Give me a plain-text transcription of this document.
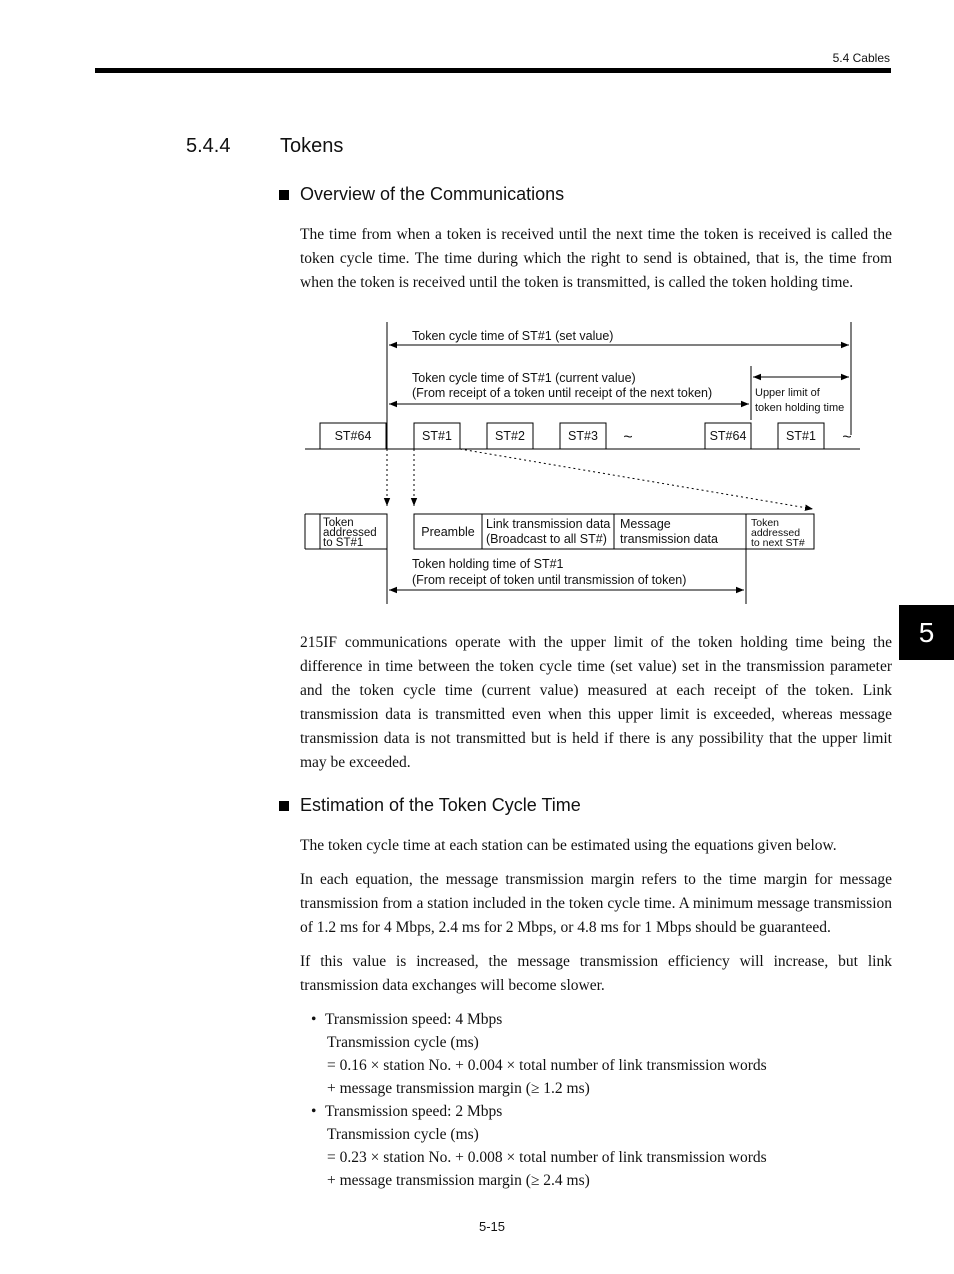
5.4 Cables
5.4.4 Tokens
Overview of the Communications
The time from when a token is received until the next time the token is received is called the token cycle time. The time during which the right to send is obtained, that is, the time from when the token is received until the token is transmitted, is called the token holding time.
Token cycle time of ST#1 (set value)
Token cycle time of ST#1 (current value)
(From receipt of a token until receipt of the next token)	Upper limit of
token holding time
ST#64	ST#1	ST#2	ST#3	ST#64	ST#1
~	~
Token
addressed
to ST#1
Preamble
Link transmission data
(Broadcast to all ST#)
Message
transmission data
Token
addressed
to next ST#
Token holding time of ST#1
(From receipt of token until transmission of token)
215IF communications operate with the upper limit of the token holding time being the difference in time between the token cycle time (set value) set in the transmission parameter and the token cycle time (current value) measured at each receipt of the token. Link transmission data is transmitted even when this upper limit is exceeded, whereas message transmission data is not transmitted but is held if there is any possibility that the upper limit may be exceeded.
Estimation of the Token Cycle Time
The token cycle time at each station can be estimated using the equations given below.
In each equation, the message transmission margin refers to the time margin for message transmission from a station included in the token cycle time. A minimum message transmission of 1.2 ms for 4 Mbps, 2.4 ms for 2 Mbps, or 4.8 ms for 1 Mbps should be guaranteed.
If this value is increased, the message transmission efficiency will increase, but link transmission data exchanges will become slower.
• Transmission speed: 4 Mbps
Transmission cycle (ms)
= 0.16 × station No. + 0.004 × total number of link transmission words
+ message transmission margin (≥ 1.2 ms)
• Transmission speed: 2 Mbps
Transmission cycle (ms)
= 0.23 × station No. + 0.008 × total number of link transmission words
+ message transmission margin (≥ 2.4 ms)
5
5-15
